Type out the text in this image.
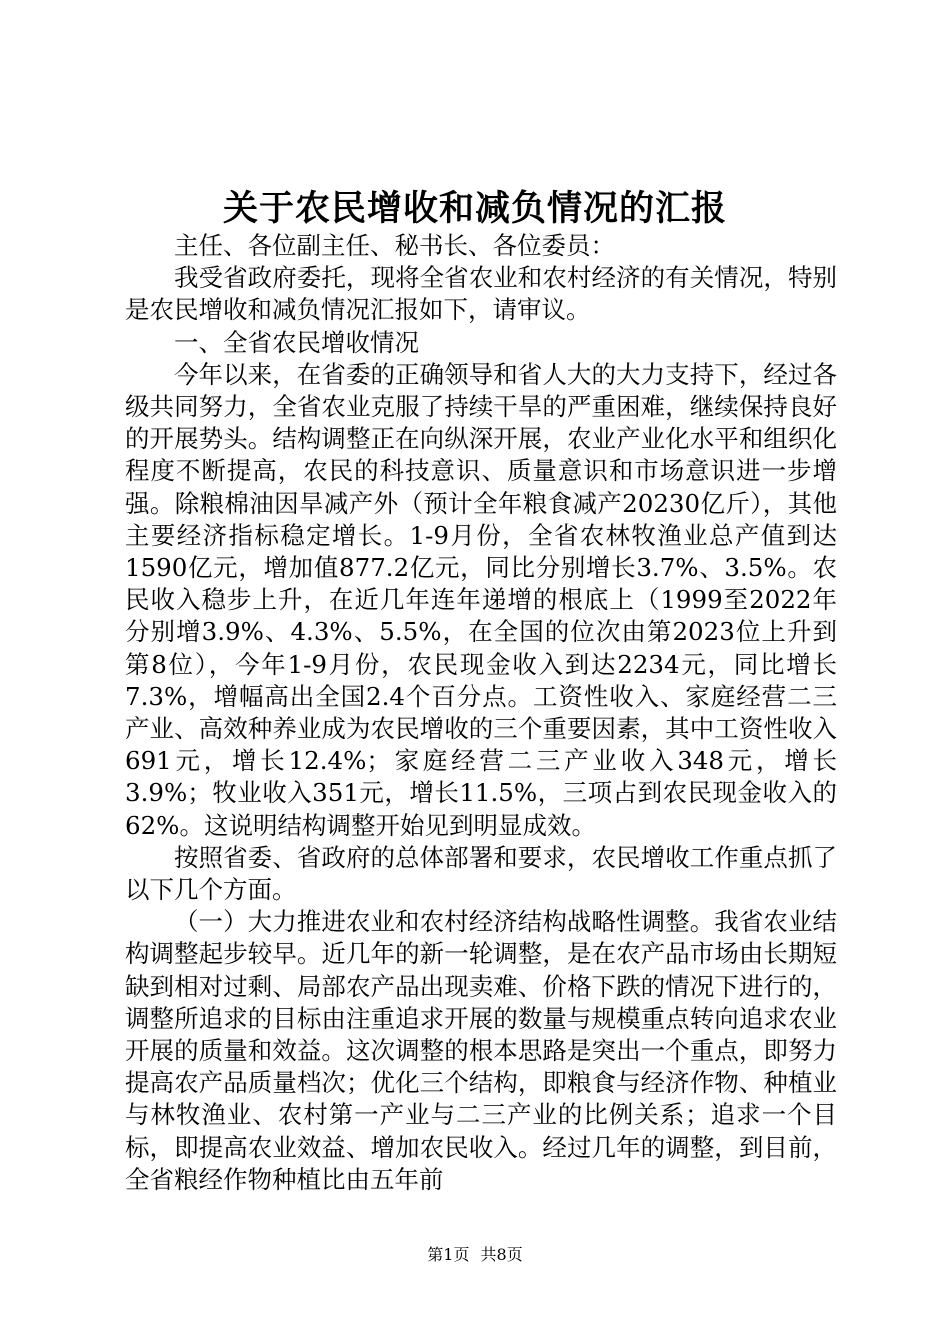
关于农民增收和减负情况的汇报

主任、各位副主任、秘书长、各位委员：

我受省政府委托，现将全省农业和农村经济的有关情况，特别是农民增收和减负情况汇报如下，请审议。

一、全省农民增收情况

今年以来，在省委的正确领导和省人大的大力支持下，经过各级共同努力，全省农业克服了持续干旱的严重困难，继续保持良好的开展势头。结构调整正在向纵深开展，农业产业化水平和组织化程度不断提高，农民的科技意识、质量意识和市场意识进一步增强。除粮棉油因旱减产外（预计全年粮食减产20230亿斤），其他主要经济指标稳定增长。1-9月份，全省农林牧渔业总产值到达1590亿元，增加值877.2亿元，同比分别增长3.7%、3.5%。农民收入稳步上升，在近几年连年递增的根底上（1999至2022年分别增3.9%、4.3%、5.5%，在全国的位次由第2023位上升到第8位），今年1-9月份，农民现金收入到达2234元，同比增长7.3%，增幅高出全国2.4个百分点。工资性收入、家庭经营二三产业、高效种养业成为农民增收的三个重要因素，其中工资性收入691元，增长12.4%；家庭经营二三产业收入348元，增长3.9%；牧业收入351元，增长11.5%，三项占到农民现金收入的62%。这说明结构调整开始见到明显成效。

按照省委、省政府的总体部署和要求，农民增收工作重点抓了以下几个方面。

（一）大力推进农业和农村经济结构战略性调整。我省农业结构调整起步较早。近几年的新一轮调整，是在农产品市场由长期短缺到相对过剩、局部农产品出现卖难、价格下跌的情况下进行的，调整所追求的目标由注重追求开展的数量与规模重点转向追求农业开展的质量和效益。这次调整的根本思路是突出一个重点，即努力提高农产品质量档次；优化三个结构，即粮食与经济作物、种植业与林牧渔业、农村第一产业与二三产业的比例关系；追求一个目标，即提高农业效益、增加农民收入。经过几年的调整，到目前，全省粮经作物种植比由五年前

第1页 共8页
